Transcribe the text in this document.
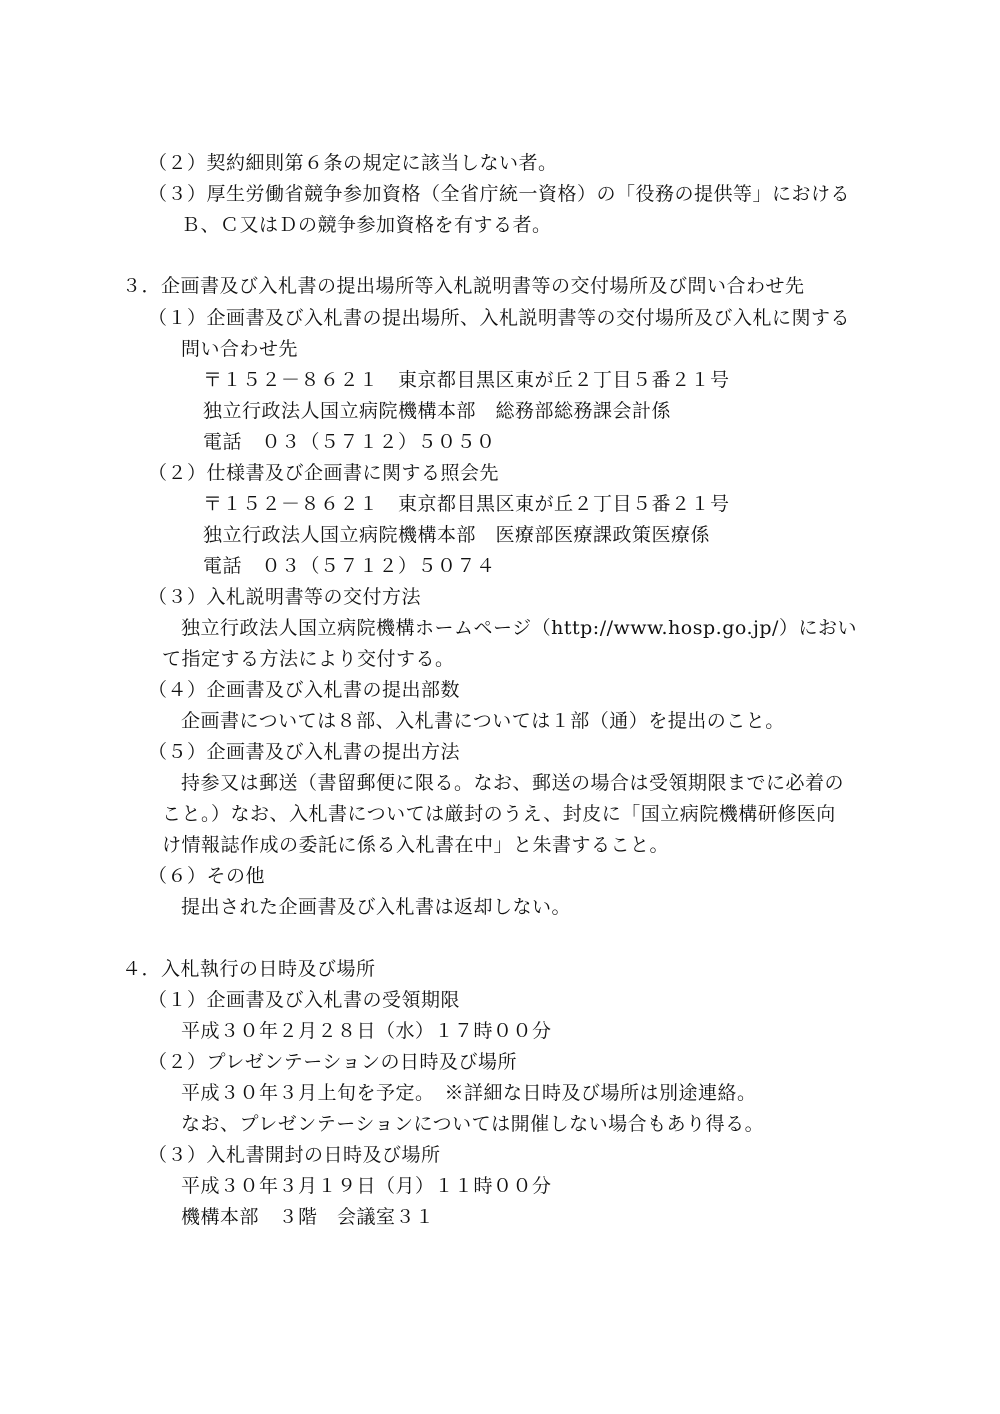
（２）契約細則第６条の規定に該当しない者。
（３）厚生労働省競争参加資格（全省庁統一資格）の「役務の提供等」における
Ｂ、Ｃ又はＤの競争参加資格を有する者。
３．企画書及び入札書の提出場所等入札説明書等の交付場所及び問い合わせ先
（１）企画書及び入札書の提出場所、入札説明書等の交付場所及び入札に関する
問い合わせ先
〒１５２－８６２１　東京都目黒区東が丘２丁目５番２１号
独立行政法人国立病院機構本部　総務部総務課会計係
電話　０３（５７１２）５０５０
（２）仕様書及び企画書に関する照会先
〒１５２－８６２１　東京都目黒区東が丘２丁目５番２１号
独立行政法人国立病院機構本部　医療部医療課政策医療係
電話　０３（５７１２）５０７４
（３）入札説明書等の交付方法
独立行政法人国立病院機構ホームページ（http://www.hosp.go.jp/）におい
て指定する方法により交付する。
（４）企画書及び入札書の提出部数
企画書については８部、入札書については１部（通）を提出のこと。
（５）企画書及び入札書の提出方法
持参又は郵送（書留郵便に限る。なお、郵送の場合は受領期限までに必着の
こと。）なお、入札書については厳封のうえ、封皮に「国立病院機構研修医向
け情報誌作成の委託に係る入札書在中」と朱書すること。
（６）その他
提出された企画書及び入札書は返却しない。
４．入札執行の日時及び場所
（１）企画書及び入札書の受領期限
平成３０年２月２８日（水）１７時００分
（２）プレゼンテーションの日時及び場所
平成３０年３月上旬を予定。　※詳細な日時及び場所は別途連絡。
なお、プレゼンテーションについては開催しない場合もあり得る。
（３）入札書開封の日時及び場所
平成３０年３月１９日（月）１１時００分
機構本部　３階　会議室３１
